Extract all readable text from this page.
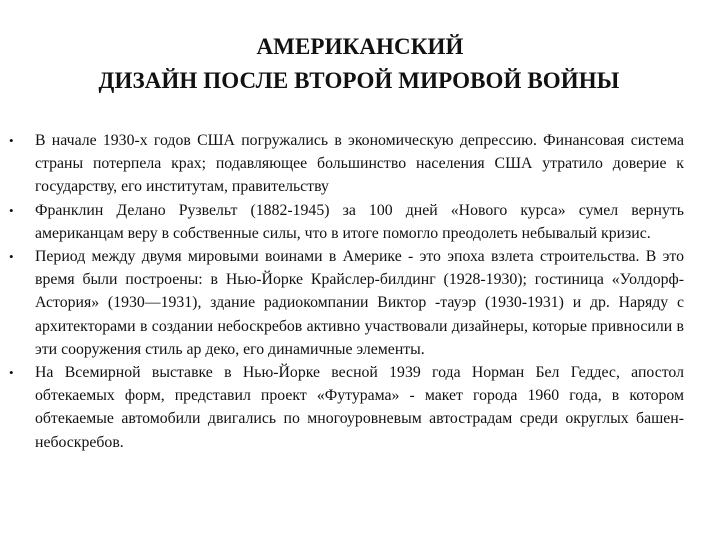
АМЕРИКАНСКИЙ
ДИЗАЙН ПОСЛЕ ВТОРОЙ МИРОВОЙ ВОЙНЫ
•	В начале 1930-х годов США погружались в экономическую депрессию. Финансовая система страны потерпела крах; подавляющее большинство населения США утратило доверие к государству, его институтам, правительству
•	Франклин Делано Рузвельт (1882-1945) за 100 дней «Нового курса» сумел вернуть американцам веру в собственные силы, что в итоге помогло преодолеть небывалый кризис.
•	Период между двумя мировыми воинами в Америке - это эпоха взлета строительства. В это время были построены: в Нью-Йорке Крайслер-билдинг (1928-1930); гостиница «Уолдорф-Астория» (1930—1931), здание радиокомпании Виктор -тауэр (1930-1931) и др. Наряду с архитекторами в создании небоскребов активно участвовали дизайнеры, которые привносили в эти сооружения стиль ар деко, его динамичные элементы.
•	На Всемирной выставке в Нью-Йорке весной 1939 года Норман Бел Геддес, апостол обтекаемых форм, представил проект «Футурама» - макет города 1960 года, в котором обтекаемые автомобили двигались по многоуровневым автострадам среди округлых башен-небоскребов.
